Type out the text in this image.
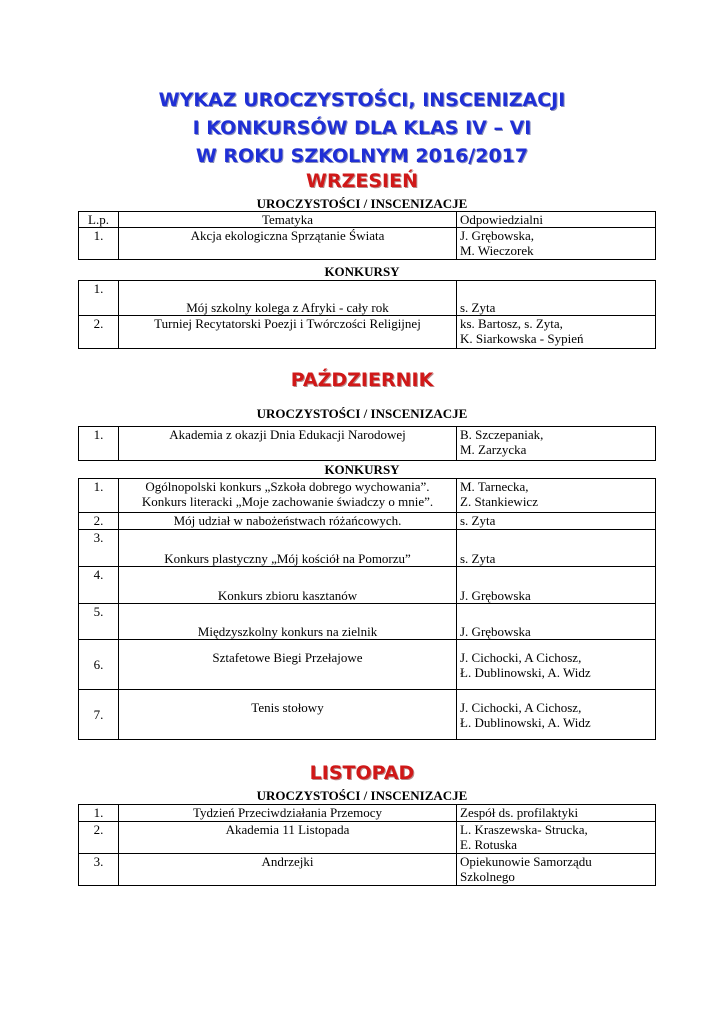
WYKAZ UROCZYSTOŚCI, INSCENIZACJI
I KONKURSÓW DLA KLAS IV – VI
W ROKU SZKOLNYM 2016/2017
WRZESIEŃ
UROCZYSTOŚCI / INSCENIZACJE
L.p.	Tematyka	Odpowiedzialni
1.	Akcja ekologiczna Sprzątanie Świata	J. Grębowska,
M. Wieczorek
KONKURSY
1.	Mój szkolny kolega z Afryki - cały rok	s. Zyta
2.	Turniej Recytatorski Poezji i Twórczości Religijnej	ks. Bartosz, s. Zyta,
K. Siarkowska - Sypień
PAŹDZIERNIK
UROCZYSTOŚCI / INSCENIZACJE
1.	Akademia z okazji Dnia Edukacji Narodowej	B. Szczepaniak,
M. Zarzycka
KONKURSY
1.	Ogólnopolski konkurs „Szkoła dobrego wychowania”.
Konkurs literacki „Moje zachowanie świadczy o mnie”.	M. Tarnecka,
Z. Stankiewicz

2.	Mój udział w nabożeństwach różańcowych.	s. Zyta
3.	Konkurs plastyczny „Mój kościół na Pomorzu”	s. Zyta
4.	Konkurs zbioru kasztanów	J. Grębowska
5.	Międzyszkolny konkurs na zielnik	J. Grębowska
6.	Sztafetowe Biegi Przełajowe	J. Cichocki, A Cichosz,
Ł. Dublinowski, A. Widz

7.	Tenis stołowy	J. Cichocki, A Cichosz,
Ł. Dublinowski, A. Widz
LISTOPAD
UROCZYSTOŚCI / INSCENIZACJE
1.	Tydzień Przeciwdziałania Przemocy	Zespół ds. profilaktyki
2.	Akademia 11 Listopada	L. Kraszewska- Strucka,
E. Rotuska

3.	Andrzejki	Opiekunowie Samorządu
Szkolnego
